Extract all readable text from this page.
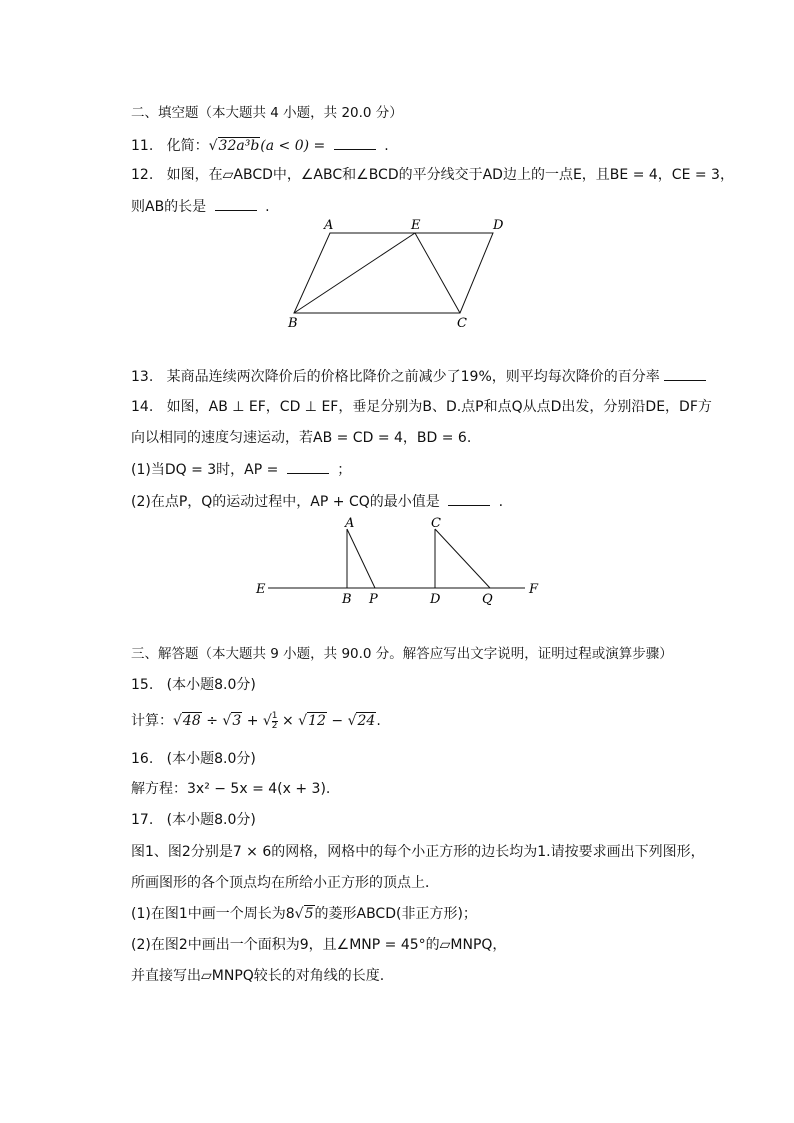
二、填空题（本大题共 4 小题，共 20.0 分）
11. 化简：√32a³b(a < 0) =	.
12. 如图，在▱ABCD中，∠ABC和∠BCD的平分线交于AD边上的一点E，且BE = 4，CE = 3，
则AB的长是	.
A	E	D
B	C
13. 某商品连续两次降价后的价格比降价之前减少了19%，则平均每次降价的百分率
14. 如图，AB ⊥ EF，CD ⊥ EF，垂足分别为B、D.点P和点Q从点D出发，分别沿DE，DF方
向以相同的速度匀速运动，若AB = CD = 4，BD = 6.
(1)当DQ = 3时，AP =	；
(2)在点P，Q的运动过程中，AP + CQ的最小值是	.
A	C
E	F
B P	D	Q
三、解答题（本大题共 9 小题，共 90.0 分。解答应写出文字说明，证明过程或演算步骤）
15. (本小题8.0分)
计算：√48 ÷ √3 + √ $\frac{1}{2} \times √12 - √24$.
16. (本小题8.0分)
解方程：3x² − 5x = 4(x + 3).
17. (本小题8.0分)
图1、图2分别是7 × 6的网格，网格中的每个小正方形的边长均为1.请按要求画出下列图形，
所画图形的各个顶点均在所给小正方形的顶点上．
(1)在图1中画一个周长为8√5的菱形ABCD(非正方形)；
(2)在图2中画出一个面积为9，且∠MNP = 45°的▱MNPQ，
并直接写出▱MNPQ较长的对角线的长度.
